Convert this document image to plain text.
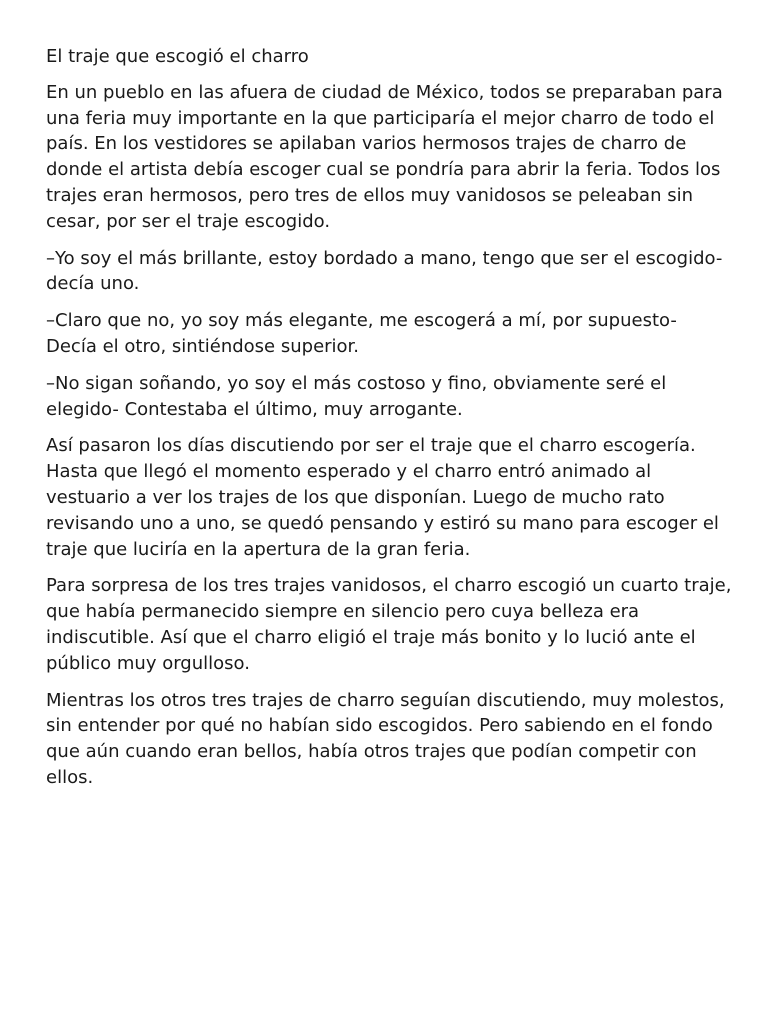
El traje que escogió el charro

En un pueblo en las afuera de ciudad de México, todos se preparaban para una feria muy importante en la que participaría el mejor charro de todo el país. En los vestidores se apilaban varios hermosos trajes de charro de donde el artista debía escoger cual se pondría para abrir la feria. Todos los trajes eran hermosos, pero tres de ellos muy vanidosos se peleaban sin cesar, por ser el traje escogido.

–Yo soy el más brillante, estoy bordado a mano, tengo que ser el escogido- decía uno.

–Claro que no, yo soy más elegante, me escogerá a mí, por supuesto- Decía el otro, sintiéndose superior.

–No sigan soñando, yo soy el más costoso y fino, obviamente seré el elegido- Contestaba el último, muy arrogante.

Así pasaron los días discutiendo por ser el traje que el charro escogería. Hasta que llegó el momento esperado y el charro entró animado al vestuario a ver los trajes de los que disponían. Luego de mucho rato revisando uno a uno, se quedó pensando y estiró su mano para escoger el traje que luciría en la apertura de la gran feria.

Para sorpresa de los tres trajes vanidosos, el charro escogió un cuarto traje, que había permanecido siempre en silencio pero cuya belleza era indiscutible. Así que el charro eligió el traje más bonito y lo lució ante el público muy orgulloso.

Mientras los otros tres trajes de charro seguían discutiendo, muy molestos, sin entender por qué no habían sido escogidos. Pero sabiendo en el fondo que aún cuando eran bellos, había otros trajes que podían competir con ellos.
